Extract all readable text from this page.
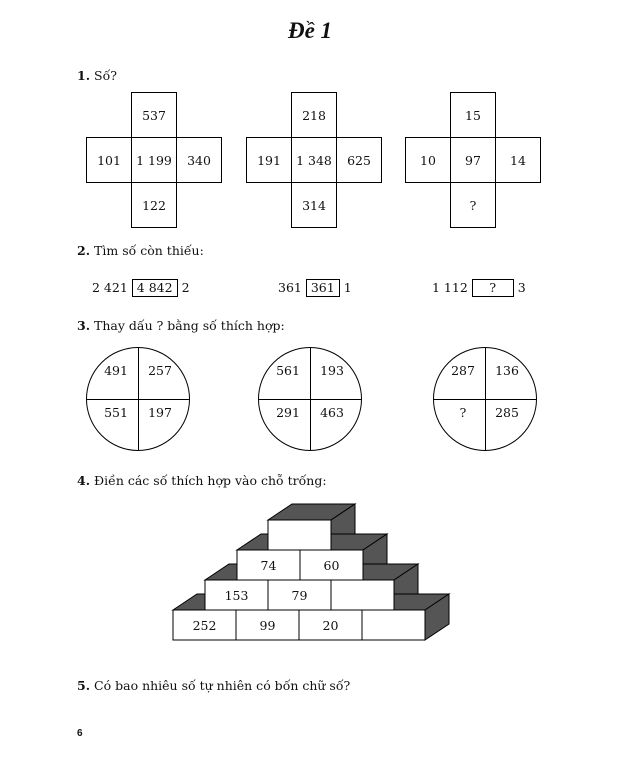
Đề 1
1. Số?
537
101	1 199	340
122
218
191	1 348	625
314
15
10	97	14
?
2. Tìm số còn thiếu:
2 421 4 842 2	361 361 1	1 112 ? 3
3. Thay dấu ? bằng số thích hợp:
491	257
551	197
561	193
291	463
287	136
?	285
4. Điền các số thích hợp vào chỗ trống:
74	60
153	79
252	99	20
5. Có bao nhiêu số tự nhiên có bốn chữ số?
6
